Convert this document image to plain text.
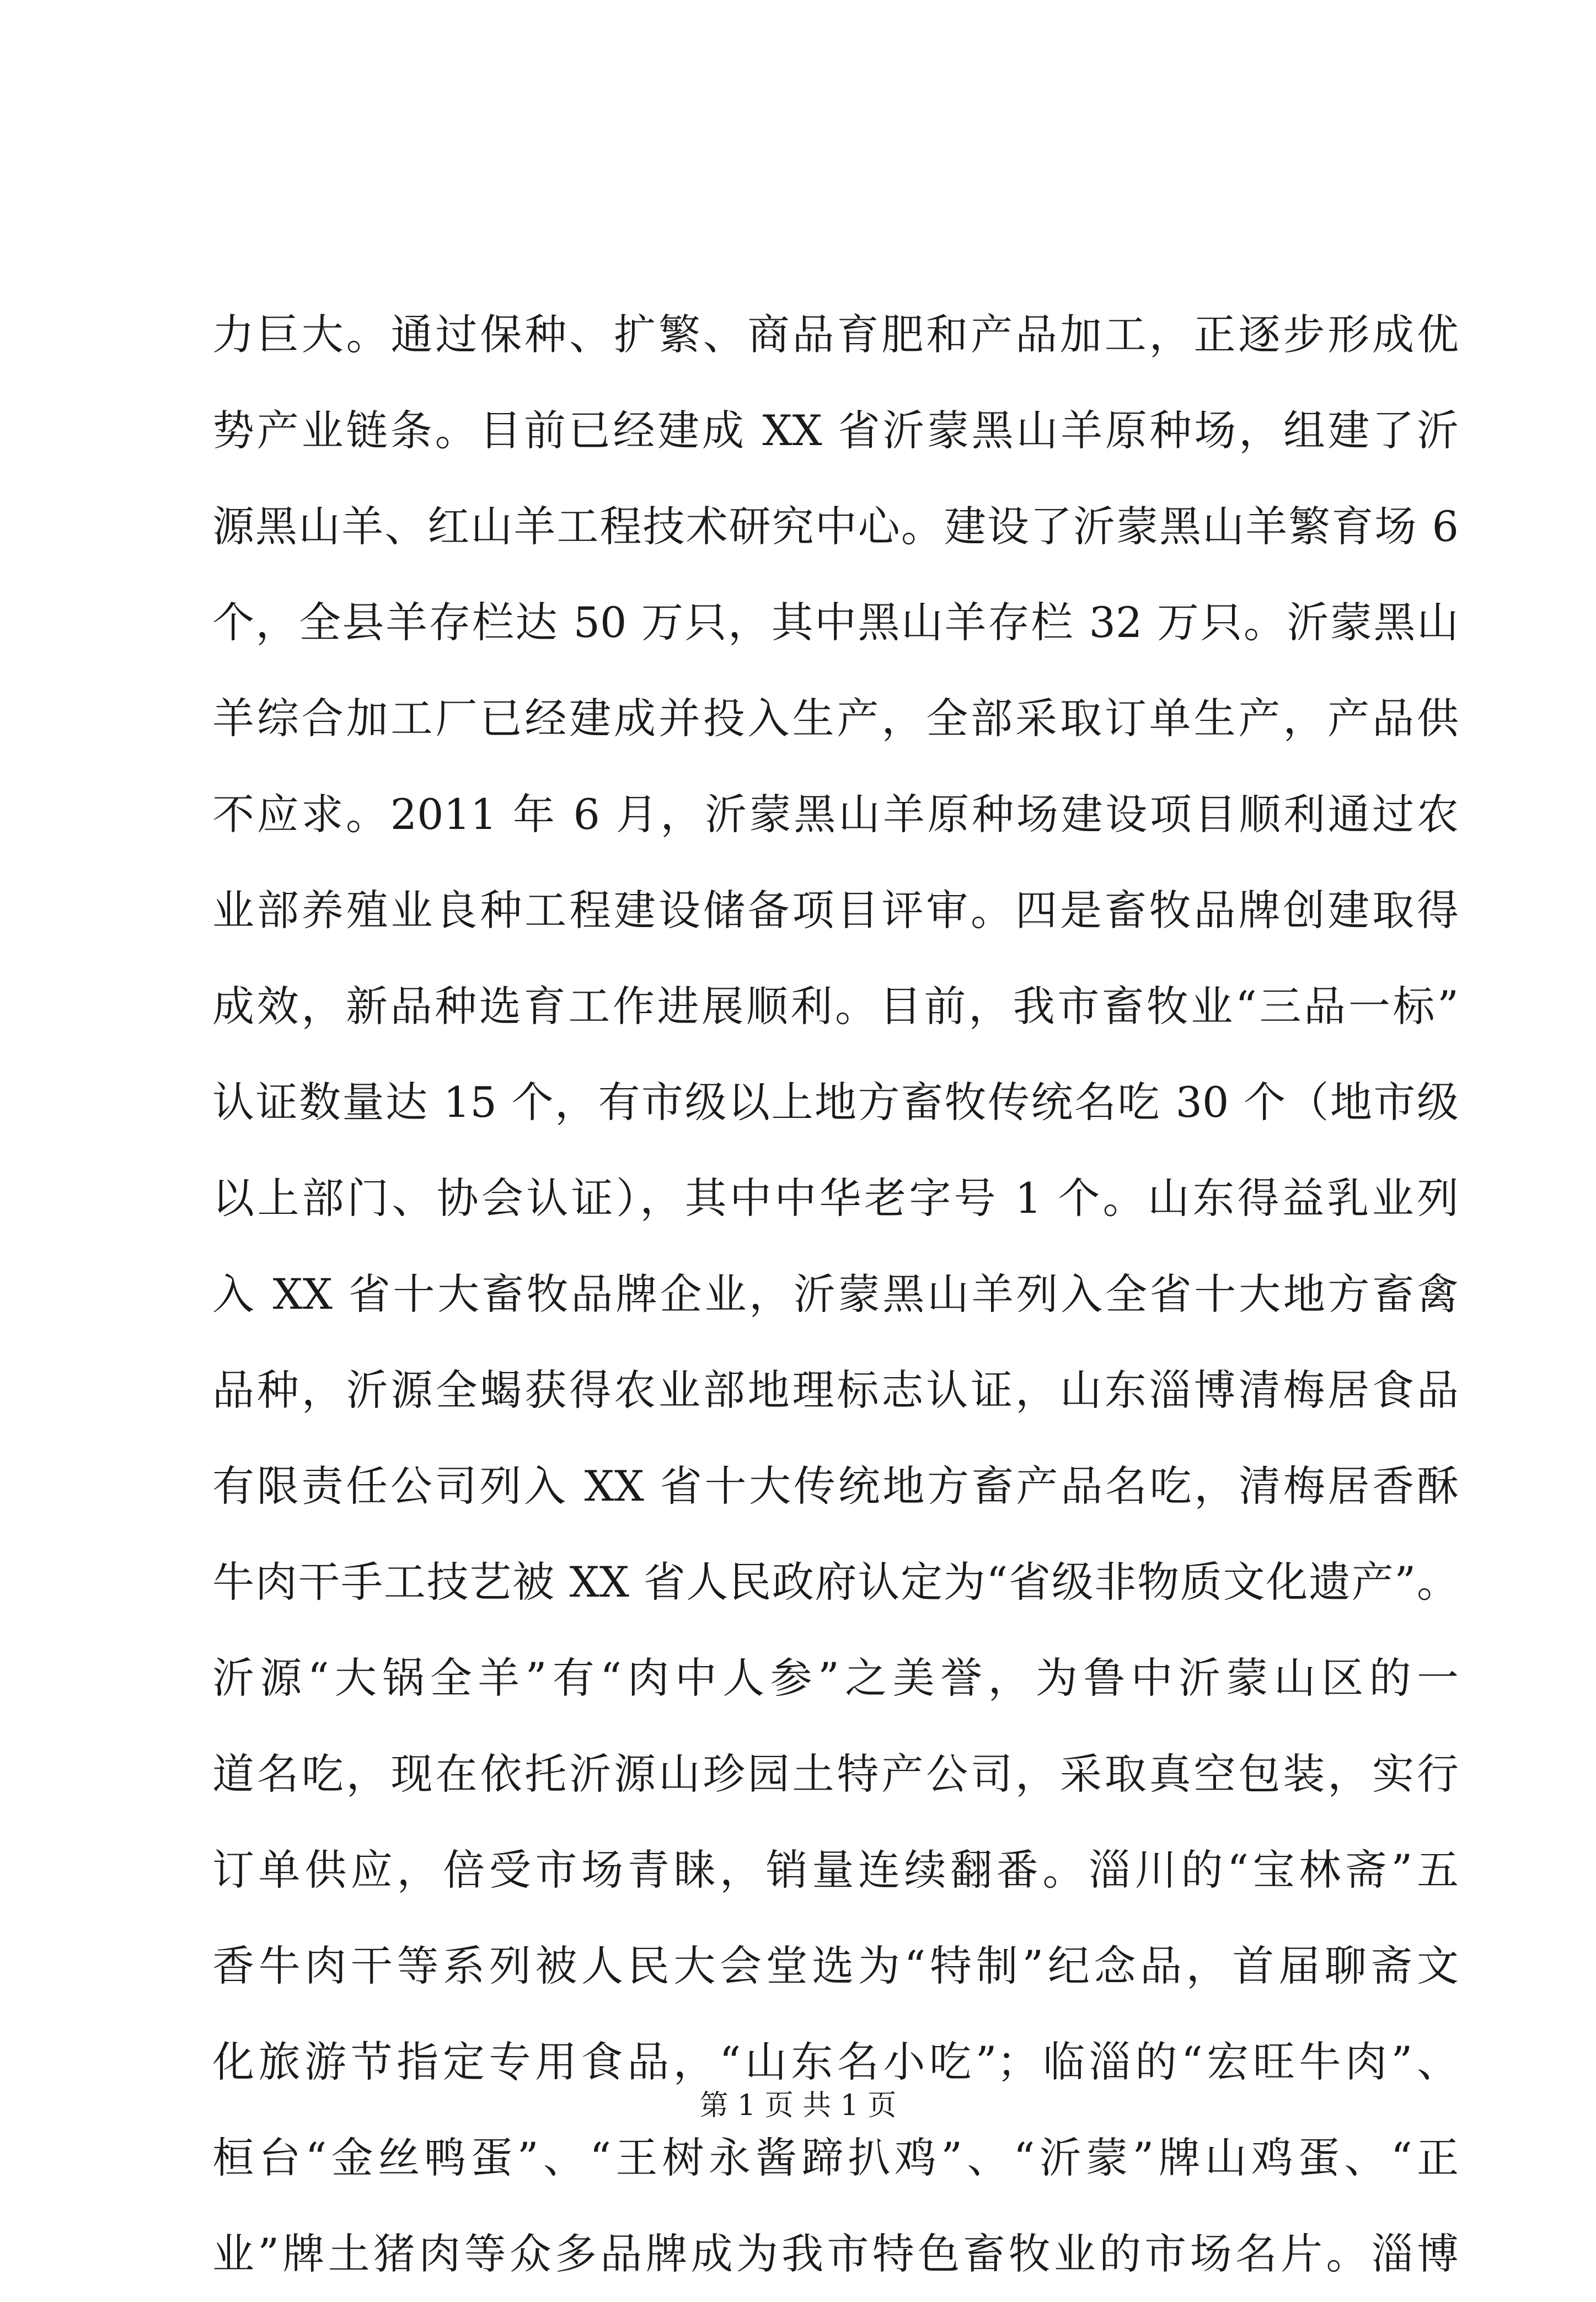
力巨大。通过保种、扩繁、商品育肥和产品加工，正逐步形成优
势产业链条。目前已经建成 XX 省沂蒙黑山羊原种场，组建了沂
源黑山羊、红山羊工程技术研究中心。建设了沂蒙黑山羊繁育场 6
个，全县羊存栏达 50 万只，其中黑山羊存栏 32 万只。沂蒙黑山
羊综合加工厂已经建成并投入生产，全部采取订单生产，产品供
不应求。2011 年 6 月，沂蒙黑山羊原种场建设项目顺利通过农
业部养殖业良种工程建设储备项目评审。四是畜牧品牌创建取得
成效，新品种选育工作进展顺利。目前，我市畜牧业“三品一标”
认证数量达 15 个，有市级以上地方畜牧传统名吃 30 个（地市级
以上部门、协会认证），其中中华老字号 1 个。山东得益乳业列
入 XX 省十大畜牧品牌企业，沂蒙黑山羊列入全省十大地方畜禽
品种，沂源全蝎获得农业部地理标志认证，山东淄博清梅居食品
有限责任公司列入 XX 省十大传统地方畜产品名吃，清梅居香酥
牛肉干手工技艺被 XX 省人民政府认定为“省级非物质文化遗产”。
沂源“大锅全羊”有“肉中人参”之美誉，为鲁中沂蒙山区的一
道名吃，现在依托沂源山珍园土特产公司，采取真空包装，实行
订单供应，倍受市场青睐，销量连续翻番。淄川的“宝林斋”五
香牛肉干等系列被人民大会堂选为“特制”纪念品，首届聊斋文
化旅游节指定专用食品，“山东名小吃”；临淄的“宏旺牛肉”、
桓台“金丝鸭蛋”、“王树永酱蹄扒鸡”、“沂蒙”牌山鸡蛋、“正
业”牌土猪肉等众多品牌成为我市特色畜牧业的市场名片。淄博
第 1 页 共 1 页
